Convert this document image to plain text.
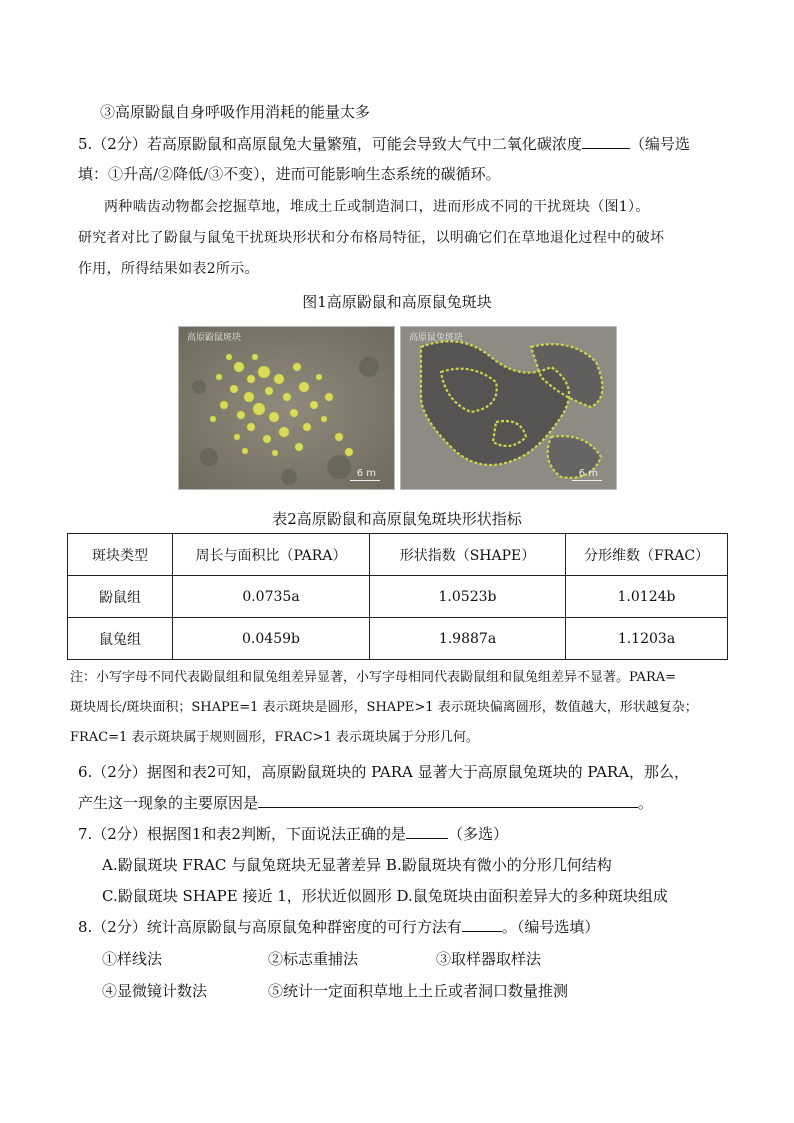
③高原鼢鼠自身呼吸作用消耗的能量太多
5.（2分）若高原鼢鼠和高原鼠兔大量繁殖，可能会导致大气中二氧化碳浓度	（编号选
填：①升高/②降低/③不变），进而可能影响生态系统的碳循环。
两种啮齿动物都会挖掘草地，堆成土丘或制造洞口，进而形成不同的干扰斑块（图1）。
研究者对比了鼢鼠与鼠兔干扰斑块形状和分布格局特征，以明确它们在草地退化过程中的破坏
作用，所得结果如表2所示。
图1高原鼢鼠和高原鼠兔斑块
高原鼢鼠斑块
6 m
高原鼠兔斑块
6 m
表2高原鼢鼠和高原鼠兔斑块形状指标
斑块类型	周长与面积比（PARA）	形状指数（SHAPE）	分形维数（FRAC）
鼢鼠组	0.0735a	1.0523b	1.0124b
鼠兔组	0.0459b	1.9887a	1.1203a
注：小写字母不同代表鼢鼠组和鼠兔组差异显著，小写字母相同代表鼢鼠组和鼠兔组差异不显著。PARA=
斑块周长/斑块面积；SHAPE=1 表示斑块是圆形，SHAPE>1 表示斑块偏离圆形，数值越大，形状越复杂；
FRAC=1 表示斑块属于规则圆形，FRAC>1 表示斑块属于分形几何。
6.（2分）据图和表2可知，高原鼢鼠斑块的 PARA 显著大于高原鼠兔斑块的 PARA，那么，
产生这一现象的主要原因是	。
7.（2分）根据图1和表2判断，下面说法正确的是	（多选）
A.鼢鼠斑块 FRAC 与鼠兔斑块无显著差异 B.鼢鼠斑块有微小的分形几何结构
C.鼢鼠斑块 SHAPE 接近 1，形状近似圆形 D.鼠兔斑块由面积差异大的多种斑块组成
8.（2分）统计高原鼢鼠与高原鼠兔种群密度的可行方法有	。（编号选填）
①样线法	②标志重捕法	③取样器取样法
④显微镜计数法	⑤统计一定面积草地上土丘或者洞口数量推测
